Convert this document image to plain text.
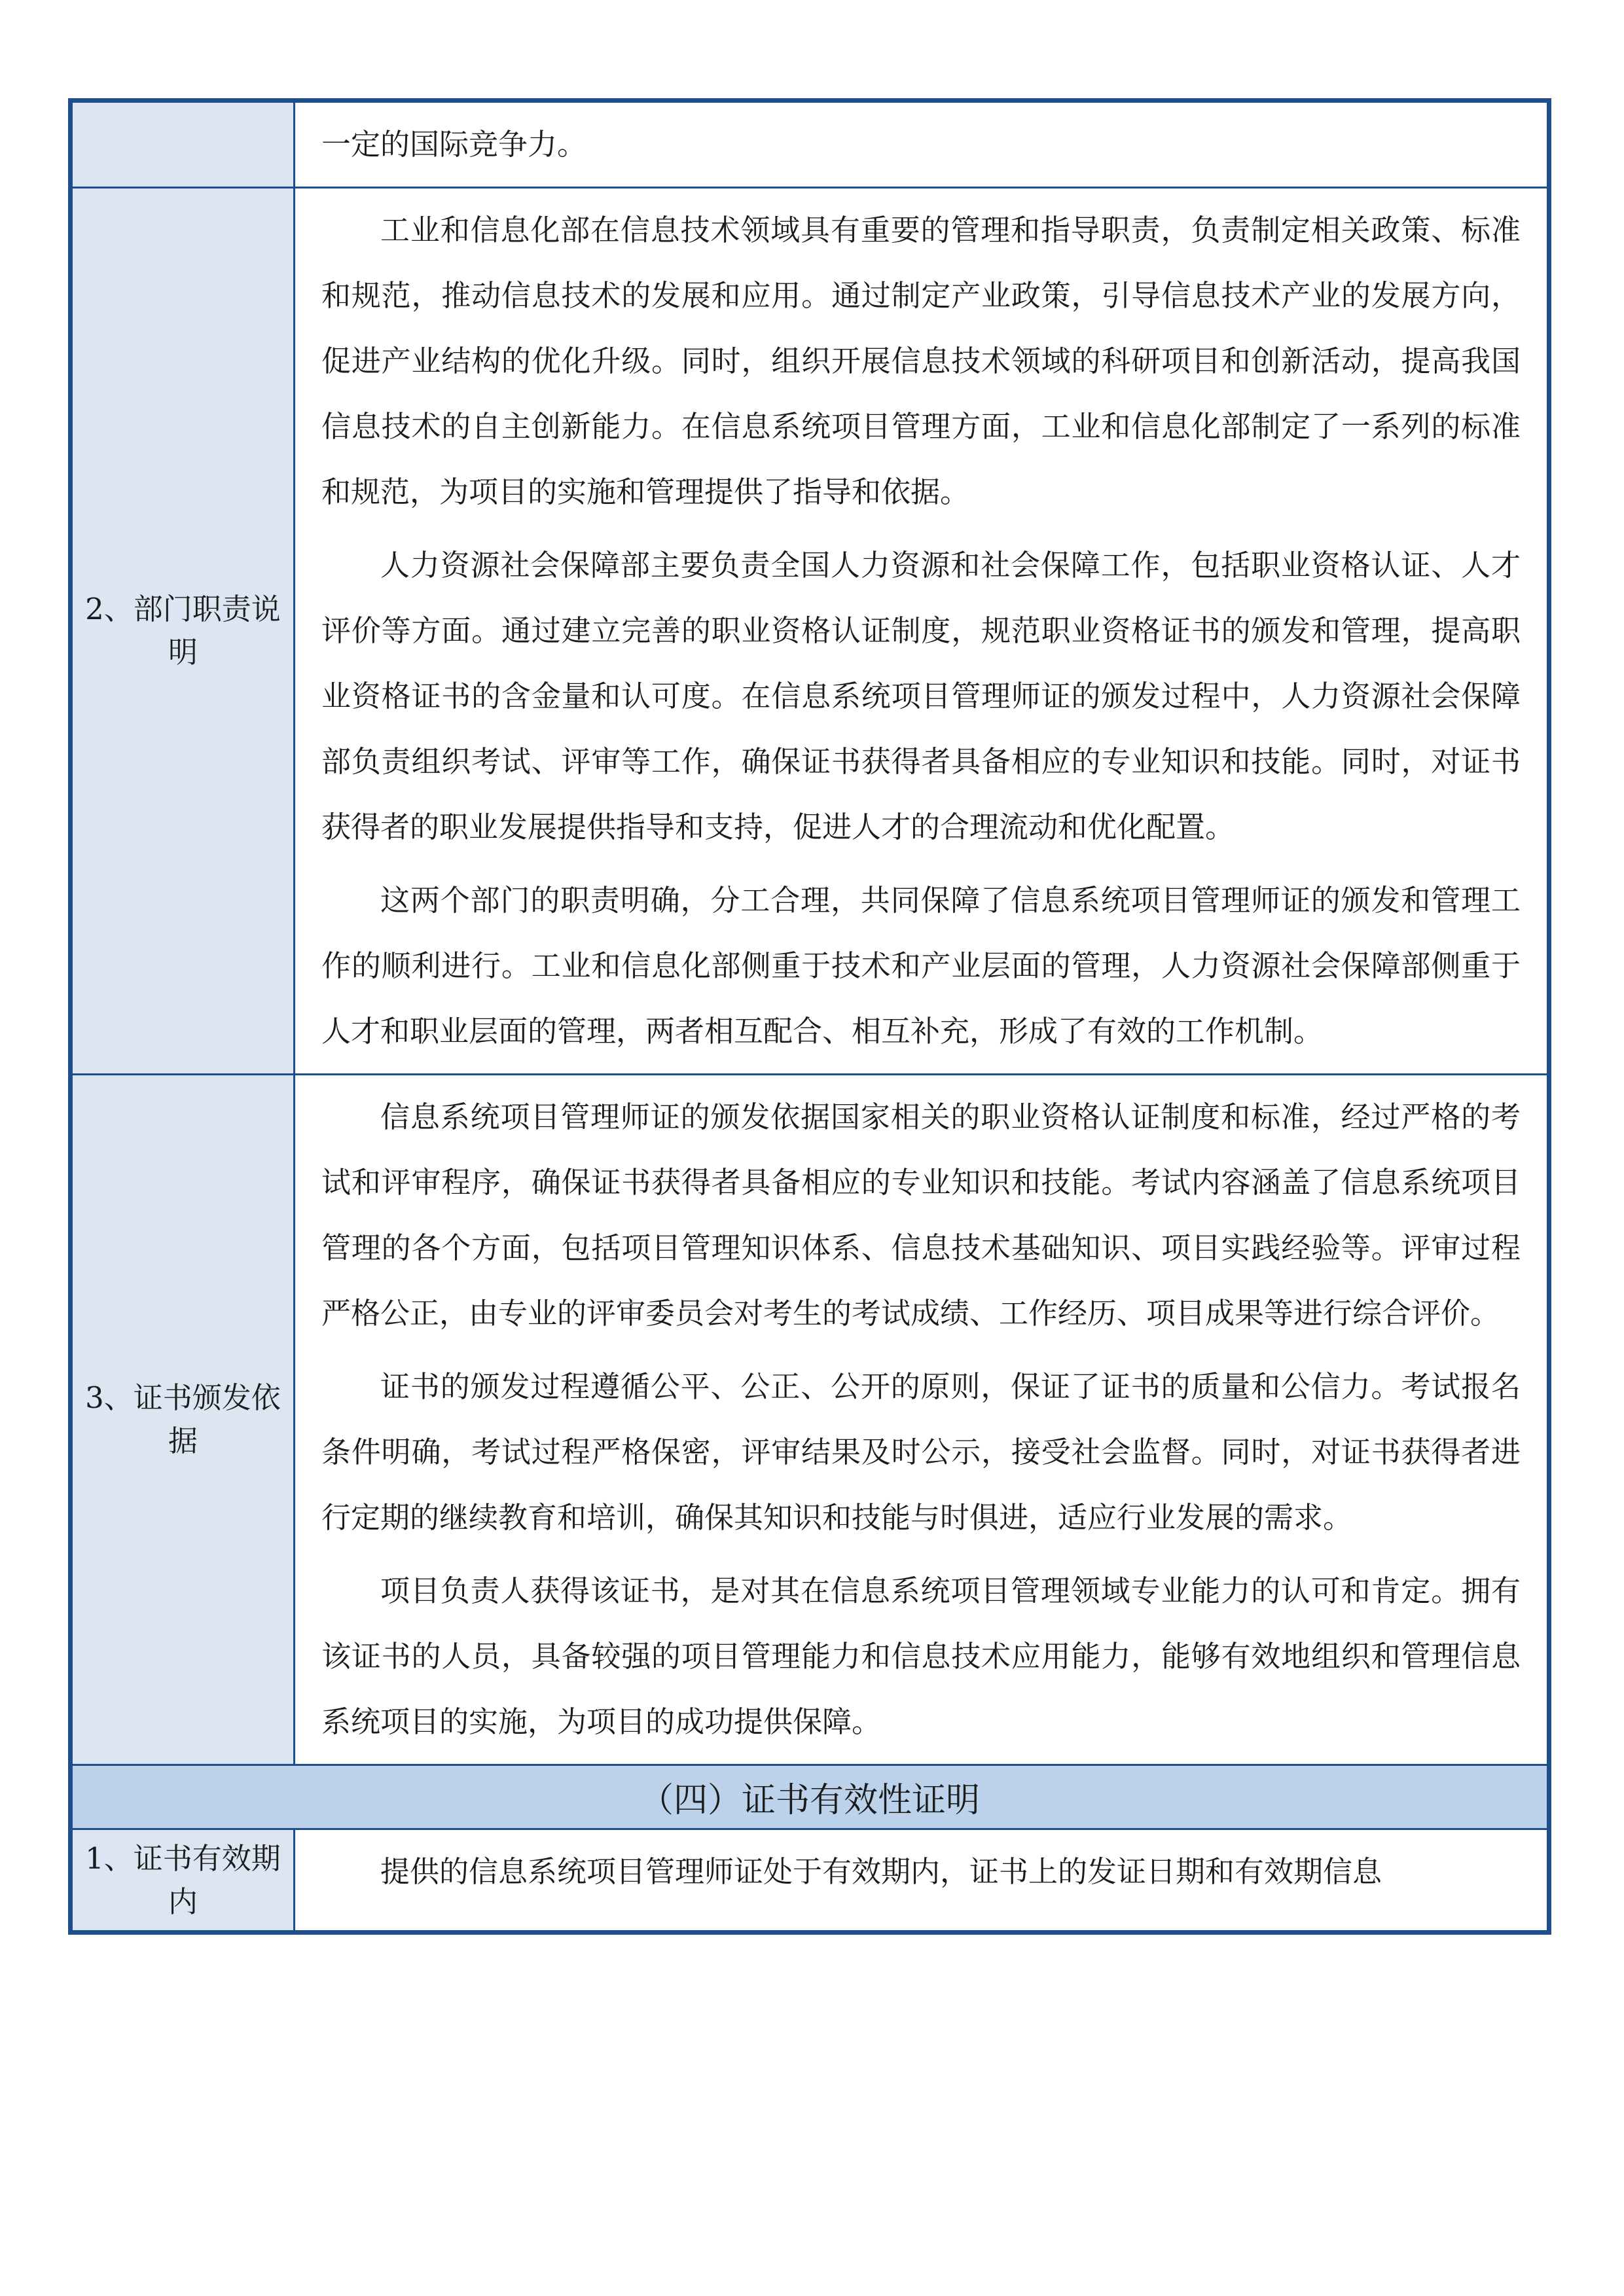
	一定的国际竞争力。

2、部门职责说明	工业和信息化部在信息技术领域具有重要的管理和指导职责，负责制定相关政策、标准和规范，推动信息技术的发展和应用。通过制定产业政策，引导信息技术产业的发展方向，促进产业结构的优化升级。同时，组织开展信息技术领域的科研项目和创新活动，提高我国信息技术的自主创新能力。在信息系统项目管理方面，工业和信息化部制定了一系列的标准和规范，为项目的实施和管理提供了指导和依据。

人力资源社会保障部主要负责全国人力资源和社会保障工作，包括职业资格认证、人才评价等方面。通过建立完善的职业资格认证制度，规范职业资格证书的颁发和管理，提高职业资格证书的含金量和认可度。在信息系统项目管理师证的颁发过程中，人力资源社会保障部负责组织考试、评审等工作，确保证书获得者具备相应的专业知识和技能。同时，对证书获得者的职业发展提供指导和支持，促进人才的合理流动和优化配置。

这两个部门的职责明确，分工合理，共同保障了信息系统项目管理师证的颁发和管理工作的顺利进行。工业和信息化部侧重于技术和产业层面的管理，人力资源社会保障部侧重于人才和职业层面的管理，两者相互配合、相互补充，形成了有效的工作机制。

3、证书颁发依据	信息系统项目管理师证的颁发依据国家相关的职业资格认证制度和标准，经过严格的考试和评审程序，确保证书获得者具备相应的专业知识和技能。考试内容涵盖了信息系统项目管理的各个方面，包括项目管理知识体系、信息技术基础知识、项目实践经验等。评审过程严格公正，由专业的评审委员会对考生的考试成绩、工作经历、项目成果等进行综合评价。

证书的颁发过程遵循公平、公正、公开的原则，保证了证书的质量和公信力。考试报名条件明确，考试过程严格保密，评审结果及时公示，接受社会监督。同时，对证书获得者进行定期的继续教育和培训，确保其知识和技能与时俱进，适应行业发展的需求。

项目负责人获得该证书，是对其在信息系统项目管理领域专业能力的认可和肯定。拥有该证书的人员，具备较强的项目管理能力和信息技术应用能力，能够有效地组织和管理信息系统项目的实施，为项目的成功提供保障。

（四）证书有效性证明	
1、证书有效期内	提供的信息系统项目管理师证处于有效期内，证书上的发证日期和有效期信息
